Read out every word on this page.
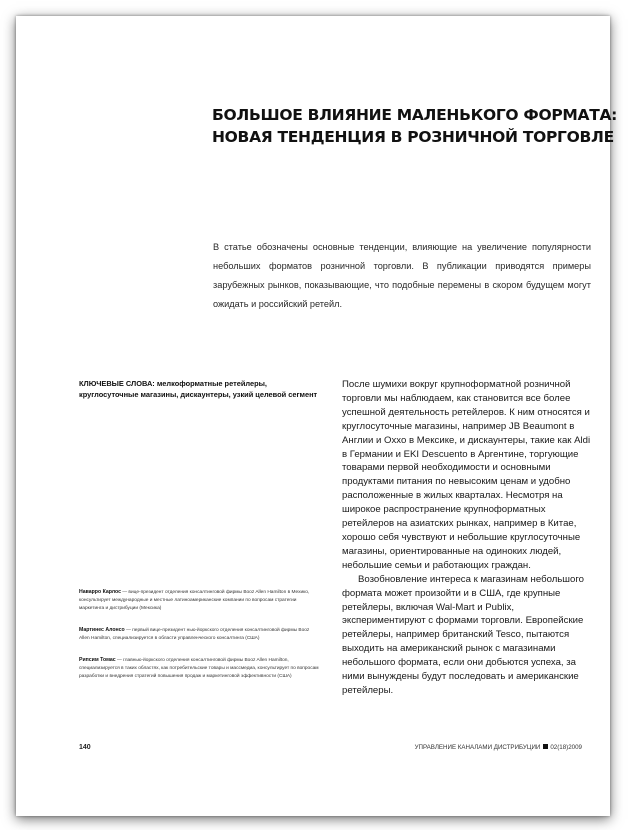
БОЛЬШОЕ ВЛИЯНИЕ МАЛЕНЬКОГО ФОРМАТА:
НОВАЯ ТЕНДЕНЦИЯ В РОЗНИЧНОЙ ТОРГОВЛЕ
В статье обозначены основные тенденции, влияющие на увеличение популярности небольших форматов розничной торговли. В публикации приводятся примеры зарубежных рынков, показывающие, что подобные перемены в скором будущем могут ожидать и российский ретейл.
КЛЮЧЕВЫЕ СЛОВА: мелкоформатные ретейлеры, круглосуточные магазины, дискаунтеры, узкий целевой сегмент
Наварро Карлос — вице-президент отделения консалтинговой фирмы Booz Allen Hamilton в Мехико, консультирует международные и местные латиноамериканские компании по вопросам стратегии маркетинга и дистрибуции (Мексика)
Мартинес Алонсо — первый вице-президент нью-йоркского отделения консалтинговой фирмы Booz Allen Hamilton, специализируется в области управленческого консалтинга (США)
Рипсим Томас — главнью-йоркского отделения консалтинговой фирмы Booz Allen Hamilton, специализируется в таких областях, как потребительские товары и массмедиа, консультирует по вопросам разработки и внедрения стратегий повышения продаж и маркетинговой эффективности (США)

После шумихи вокруг крупноформатной розничной торговли мы наблюдаем, как становится все более успешной деятельность ретейлеров. К ним относятся и круглосуточные магазины, например JB Beaumont в Англии и Oxxo в Мексике, и дискаунтеры, такие как Aldi в Германии и EKI Descuento в Аргентине, торгующие товарами первой необходимости и основными продуктами питания по невысоким ценам и удобно расположенные в жилых кварталах. Несмотря на широкое распространение крупноформатных ретейлеров на азиатских рынках, например в Китае, хорошо себя чувствуют и небольшие круглосуточные магазины, ориентированные на одиноких людей, небольшие семьи и работающих граждан.

Возобновление интереса к магазинам небольшого формата может произойти и в США, где крупные ретейлеры, включая Wal-Mart и Publix, экспериментируют с формами торговли. Европейские ретейлеры, например британский Tesco, пытаются выходить на американский рынок с магазинами небольшого формата, если они добьются успеха, за ними вынуждены будут последовать и американские ретейлеры.

140	УПРАВЛЕНИЕ КАНАЛАМИ ДИСТРИБУЦИИ 02(18)2009
